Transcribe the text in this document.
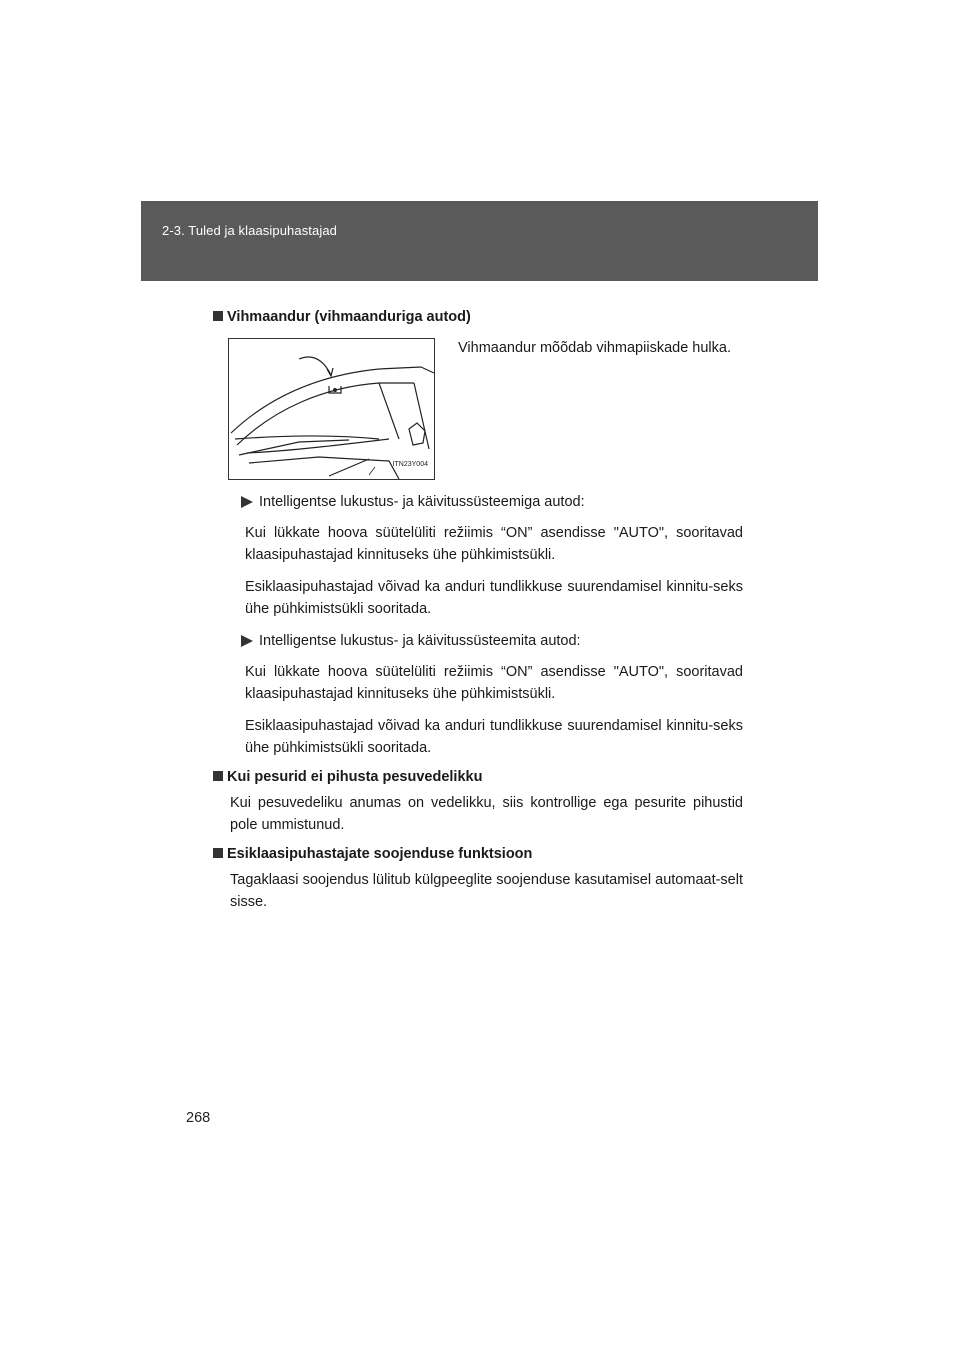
2-3. Tuled ja klaasipuhastajad
Vihmaandur (vihmaanduriga autod)
ITN23Y004
Vihmaandur mõõdab vihmapiiskade hulka.
Intelligentse lukustus- ja käivitussüsteemiga autod:
Kui lükkate hoova süütelüliti režiimis “ON” asendisse "AUTO", sooritavad klaasipuhastajad kinnituseks ühe pühkimistsükli.
Esiklaasipuhastajad võivad ka anduri tundlikkuse suurendamisel kinnitu-seks ühe pühkimistsükli sooritada.
Intelligentse lukustus- ja käivitussüsteemita autod:
Kui lükkate hoova süütelüliti režiimis “ON” asendisse "AUTO", sooritavad klaasipuhastajad kinnituseks ühe pühkimistsükli.
Esiklaasipuhastajad võivad ka anduri tundlikkuse suurendamisel kinnitu-seks ühe pühkimistsükli sooritada.
Kui pesurid ei pihusta pesuvedelikku
Kui pesuvedeliku anumas on vedelikku, siis kontrollige ega pesurite pihustid pole ummistunud.
Esiklaasipuhastajate soojenduse funktsioon
Tagaklaasi soojendus lülitub külgpeeglite soojenduse kasutamisel automaat-selt sisse.
268
